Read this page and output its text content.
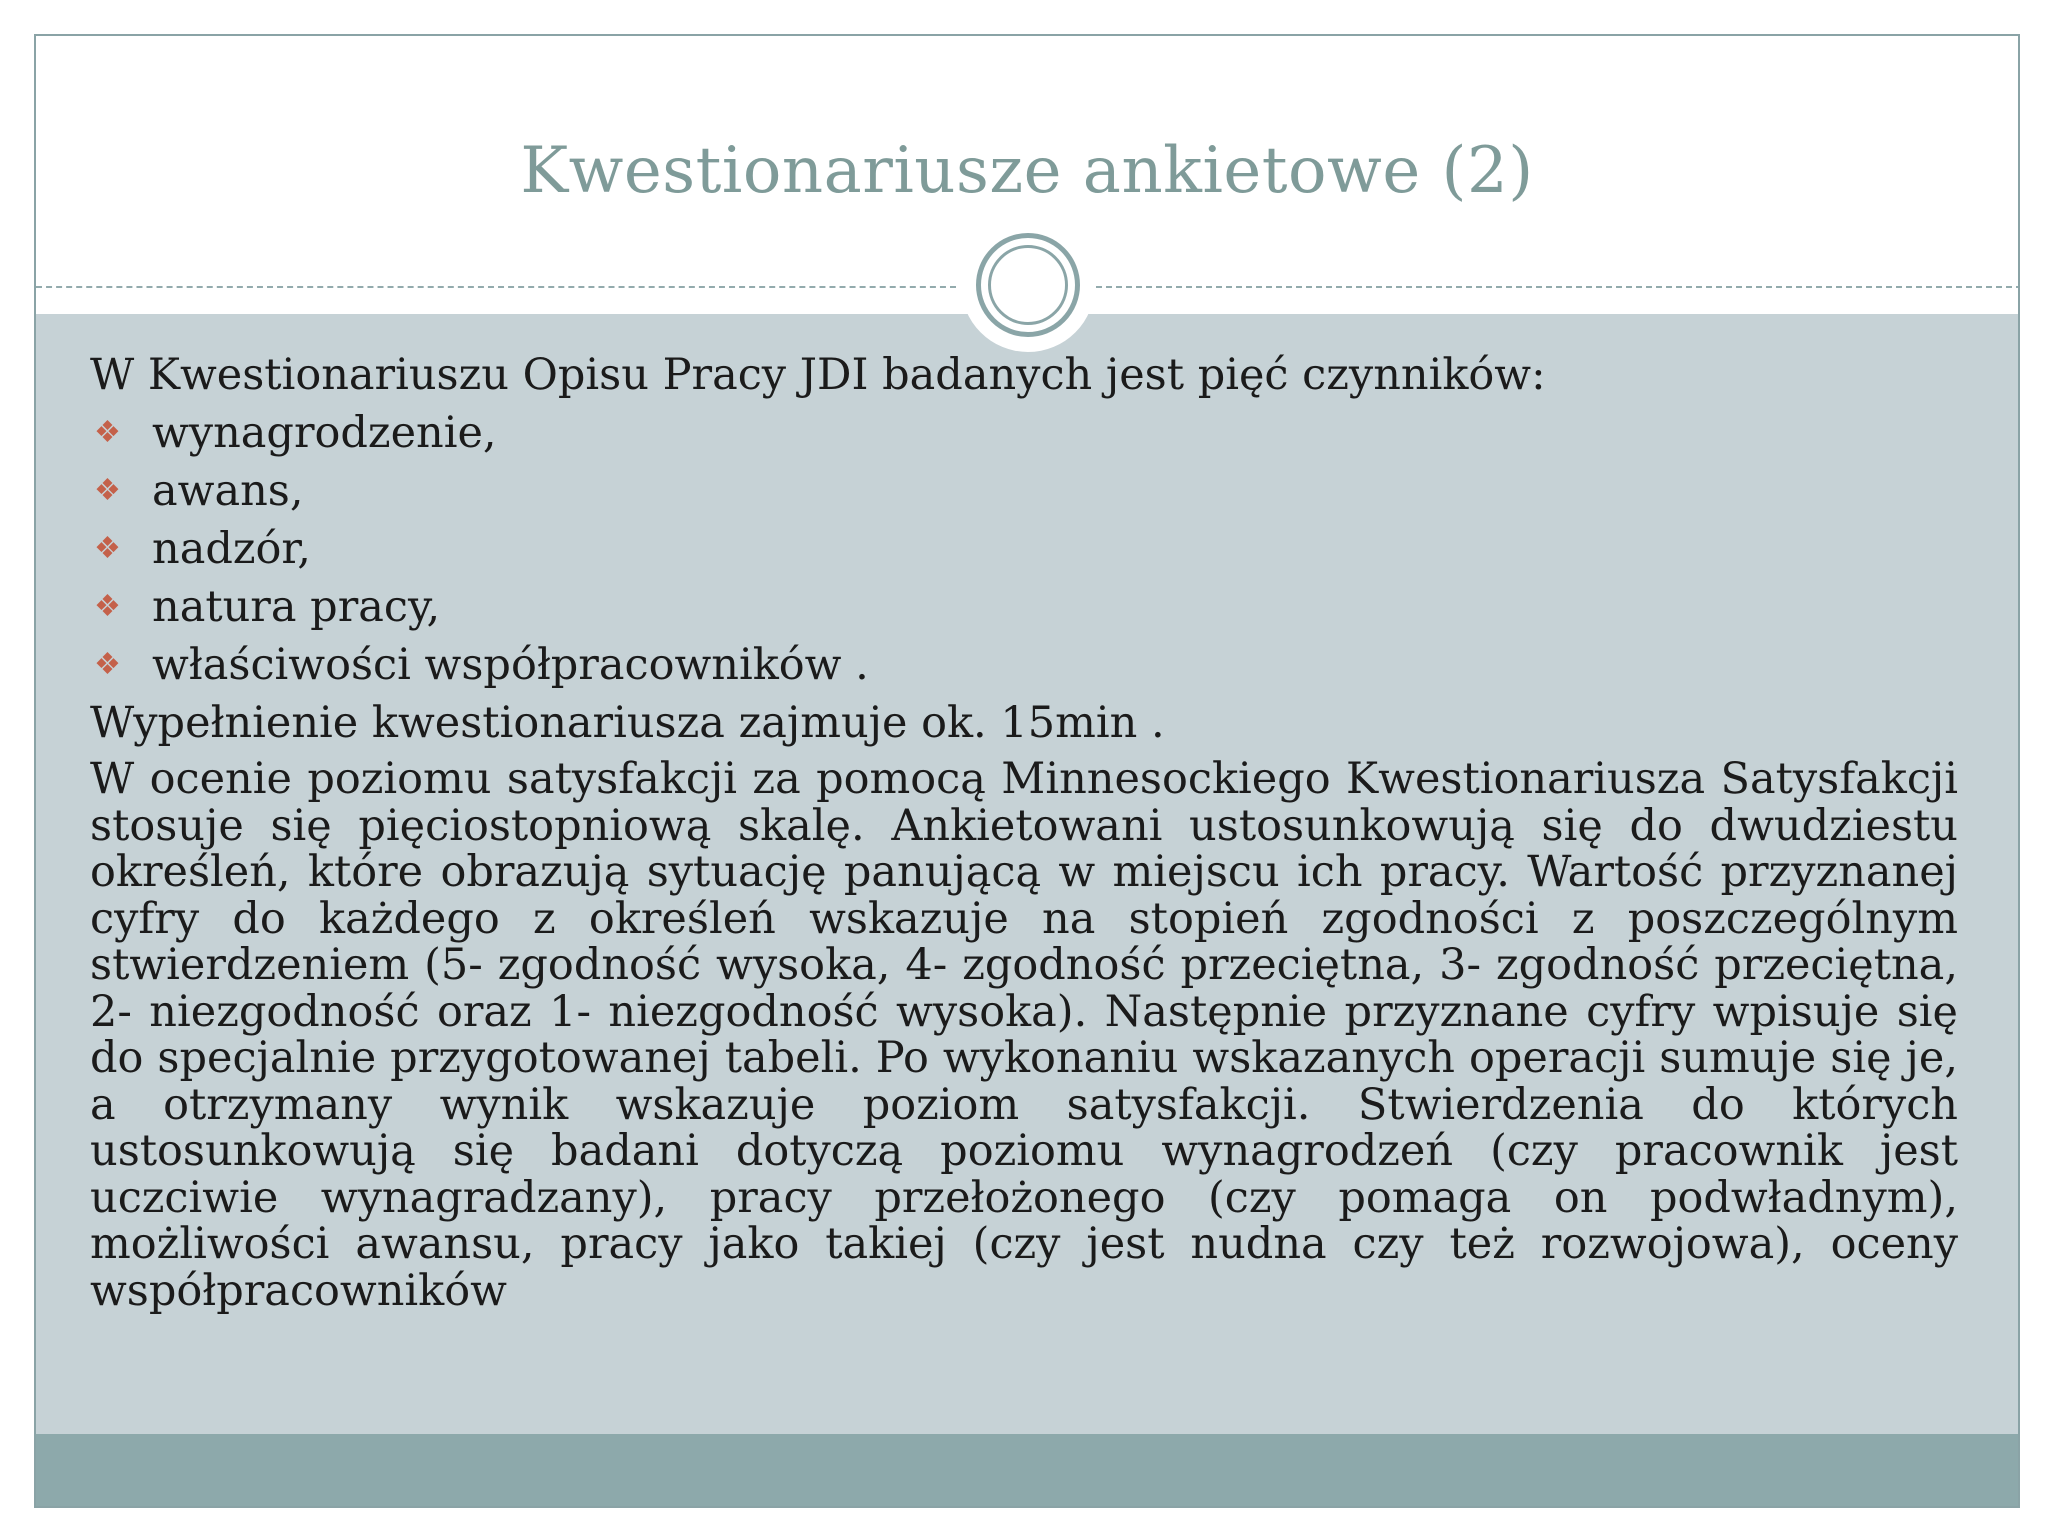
Kwestionariusze ankietowe (2)
W Kwestionariuszu Opisu Pracy JDI badanych jest pięć czynników:
❖ wynagrodzenie,
❖ awans,
❖ nadzór,
❖ natura pracy,
❖ właściwości współpracowników .
Wypełnienie kwestionariusza zajmuje ok. 15min .
W ocenie poziomu satysfakcji za pomocą Minnesockiego Kwestionariusza Satysfakcji stosuje się pięciostopniową skalę. Ankietowani ustosunkowują się do dwudziestu określeń, które obrazują sytuację panującą w miejscu ich pracy. Wartość przyznanej cyfry do każdego z określeń wskazuje na stopień zgodności z poszczególnym stwierdzeniem (5- zgodność wysoka, 4- zgodność przeciętna, 3- zgodność przeciętna, 2- niezgodność oraz 1- niezgodność wysoka). Następnie przyznane cyfry wpisuje się do specjalnie przygotowanej tabeli. Po wykonaniu wskazanych operacji sumuje się je, a otrzymany wynik wskazuje poziom satysfakcji. Stwierdzenia do których ustosunkowują się badani dotyczą poziomu wynagrodzeń (czy pracownik jest uczciwie wynagradzany), pracy przełożonego (czy pomaga on podwładnym), możliwości awansu, pracy jako takiej (czy jest nudna czy też rozwojowa), oceny współpracowników
